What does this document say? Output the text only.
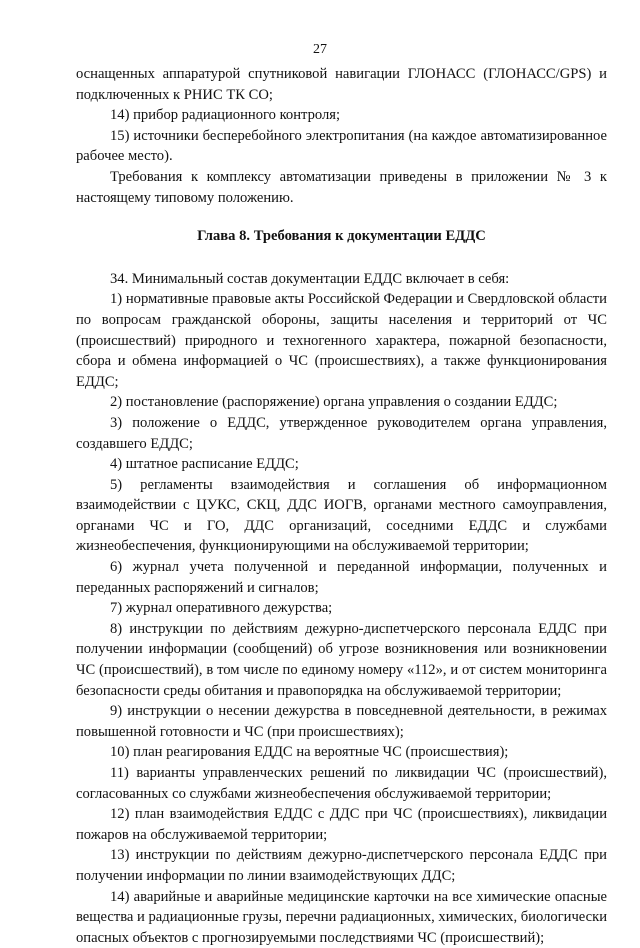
27

оснащенных аппаратурой спутниковой навигации ГЛОНАСС (ГЛОНАСС/GPS) и подключенных к РНИС ТК СО;

14) прибор радиационного контроля;

15) источники бесперебойного электропитания (на каждое автоматизированное рабочее место).

Требования к комплексу автоматизации приведены в приложении № 3 к настоящему типовому положению.

Глава 8. Требования к документации ЕДДС

34. Минимальный состав документации ЕДДС включает в себя:

1) нормативные правовые акты Российской Федерации и Свердловской области по вопросам гражданской обороны, защиты населения и территорий от ЧС (происшествий) природного и техногенного характера, пожарной безопасности, сбора и обмена информацией о ЧС (происшествиях), а также функционирования ЕДДС;

2) постановление (распоряжение) органа управления о создании ЕДДС;

3) положение о ЕДДС, утвержденное руководителем органа управления, создавшего ЕДДС;

4) штатное расписание ЕДДС;

5) регламенты взаимодействия и соглашения об информационном взаимодействии с ЦУКС, СКЦ, ДДС ИОГВ, органами местного самоуправления, органами ЧС и ГО, ДДС организаций, соседними ЕДДС и службами жизнеобеспечения, функционирующими на обслуживаемой территории;

6) журнал учета полученной и переданной информации, полученных и переданных распоряжений и сигналов;

7) журнал оперативного дежурства;

8) инструкции по действиям дежурно-диспетчерского персонала ЕДДС при получении информации (сообщений) об угрозе возникновения или возникновении ЧС (происшествий), в том числе по единому номеру «112», и от систем мониторинга безопасности среды обитания и правопорядка на обслуживаемой территории;

9) инструкции о несении дежурства в повседневной деятельности, в режимах повышенной готовности и ЧС (при происшествиях);

10) план реагирования ЕДДС на вероятные ЧС (происшествия);

11) варианты управленческих решений по ликвидации ЧС (происшествий), согласованных со службами жизнеобеспечения обслуживаемой территории;

12) план взаимодействия ЕДДС с ДДС при ЧС (происшествиях), ликвидации пожаров на обслуживаемой территории;

13) инструкции по действиям дежурно-диспетчерского персонала ЕДДС при получении информации по линии взаимодействующих ДДС;

14) аварийные и аварийные медицинские карточки на все химические опасные вещества и радиационные грузы, перечни радиационных, химических, биологически опасных объектов с прогнозируемыми последствиями ЧС (происшествий);
